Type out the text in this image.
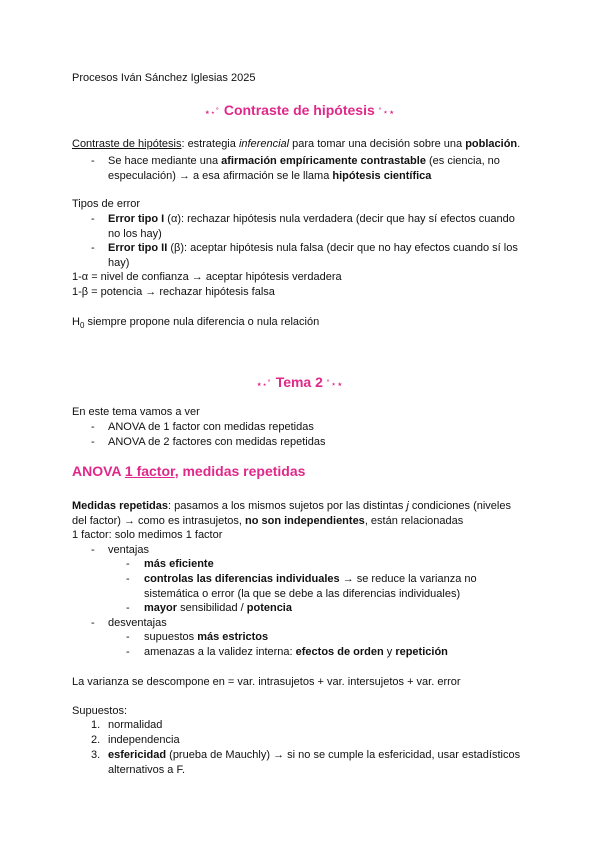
Procesos Iván Sánchez Iglesias 2025
⭑⋆˚ Contraste de hipótesis ˚⋆⭑
Contraste de hipótesis: estrategia inferencial para tomar una decisión sobre una población.
- Se hace mediante una afirmación empíricamente contrastable (es ciencia, no
especulación) → a esa afirmación se le llama hipótesis científica
Tipos de error
- Error tipo I (α): rechazar hipótesis nula verdadera (decir que hay sí efectos cuando
no los hay)
- Error tipo II (β): aceptar hipótesis nula falsa (decir que no hay efectos cuando sí los
hay)
1-α = nivel de confianza → aceptar hipótesis verdadera
1-β = potencia → rechazar hipótesis falsa
$H_0$ siempre propone nula diferencia o nula relación
⭑⋆˚ Tema 2 ˚⋆⭑
En este tema vamos a ver
- ANOVA de 1 factor con medidas repetidas
- ANOVA de 2 factores con medidas repetidas
ANOVA 1 factor, medidas repetidas
Medidas repetidas: pasamos a los mismos sujetos por las distintas j condiciones (niveles
del factor) → como es intrasujetos, no son independientes, están relacionadas
1 factor: solo medimos 1 factor
- ventajas
- más eficiente
- controlas las diferencias individuales → se reduce la varianza no
sistemática o error (la que se debe a las diferencias individuales)
- mayor sensibilidad / potencia
- desventajas
- supuestos más estrictos
- amenazas a la validez interna: efectos de orden y repetición
La varianza se descompone en = var. intrasujetos + var. intersujetos + var. error
Supuestos:
1. normalidad
2. independencia
3. esfericidad (prueba de Mauchly) → si no se cumple la esfericidad, usar estadísticos
alternativos a F.
